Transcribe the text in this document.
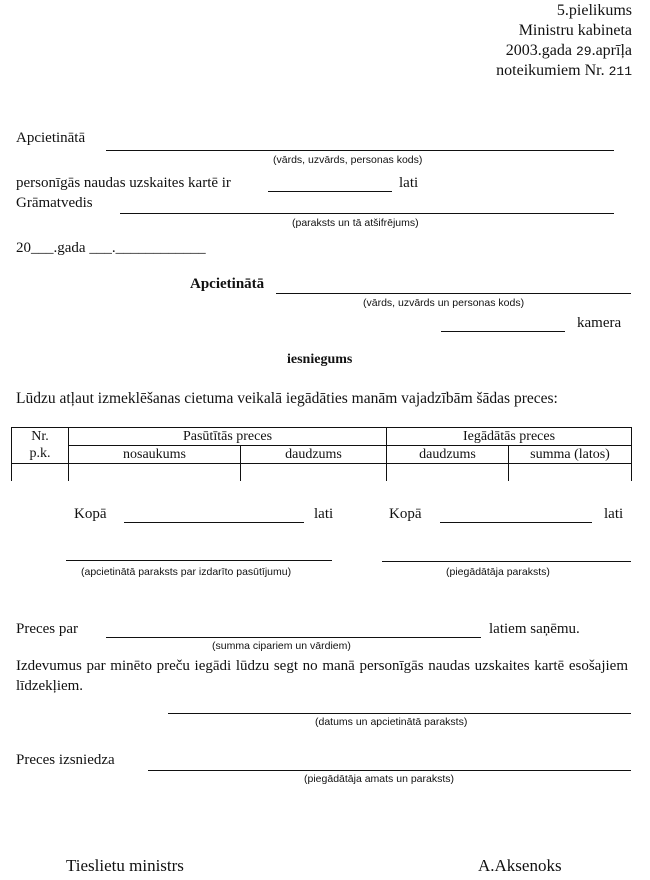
5.pielikums
Ministru kabineta
2003.gada 29.aprīļa
noteikumiem Nr. 211
Apcietinātā
(vārds, uzvārds, personas kods)
personīgās naudas uzskaites kartē ir	lati
Grāmatvedis
(paraksts un tā atšifrējums)
20___.gada ___.____________
Apcietinātā
(vārds, uzvārds un personas kods)
kamera
iesniegums
Lūdzu atļaut izmeklēšanas cietuma veikalā iegādāties manām vajadzībām šādas preces:
Nr.	Pasūtītās preces		Iegādātās preces	
p.k.	nosaukums	daudzums	daudzums	summa (latos)

Kopā	lati	Kopā	lati
(apcietinātā paraksts par izdarīto pasūtījumu)	(piegādātāja paraksts)
Preces par	latiem saņēmu.
(summa cipariem un vārdiem)
Izdevumus par minēto preču iegādi lūdzu segt no manā personīgās naudas uzskaites kartē esošajiem līdzekļiem.
(datums un apcietinātā paraksts)
Preces izsniedza
(piegādātāja amats un paraksts)
Tieslietu ministrs	A.Aksenoks
